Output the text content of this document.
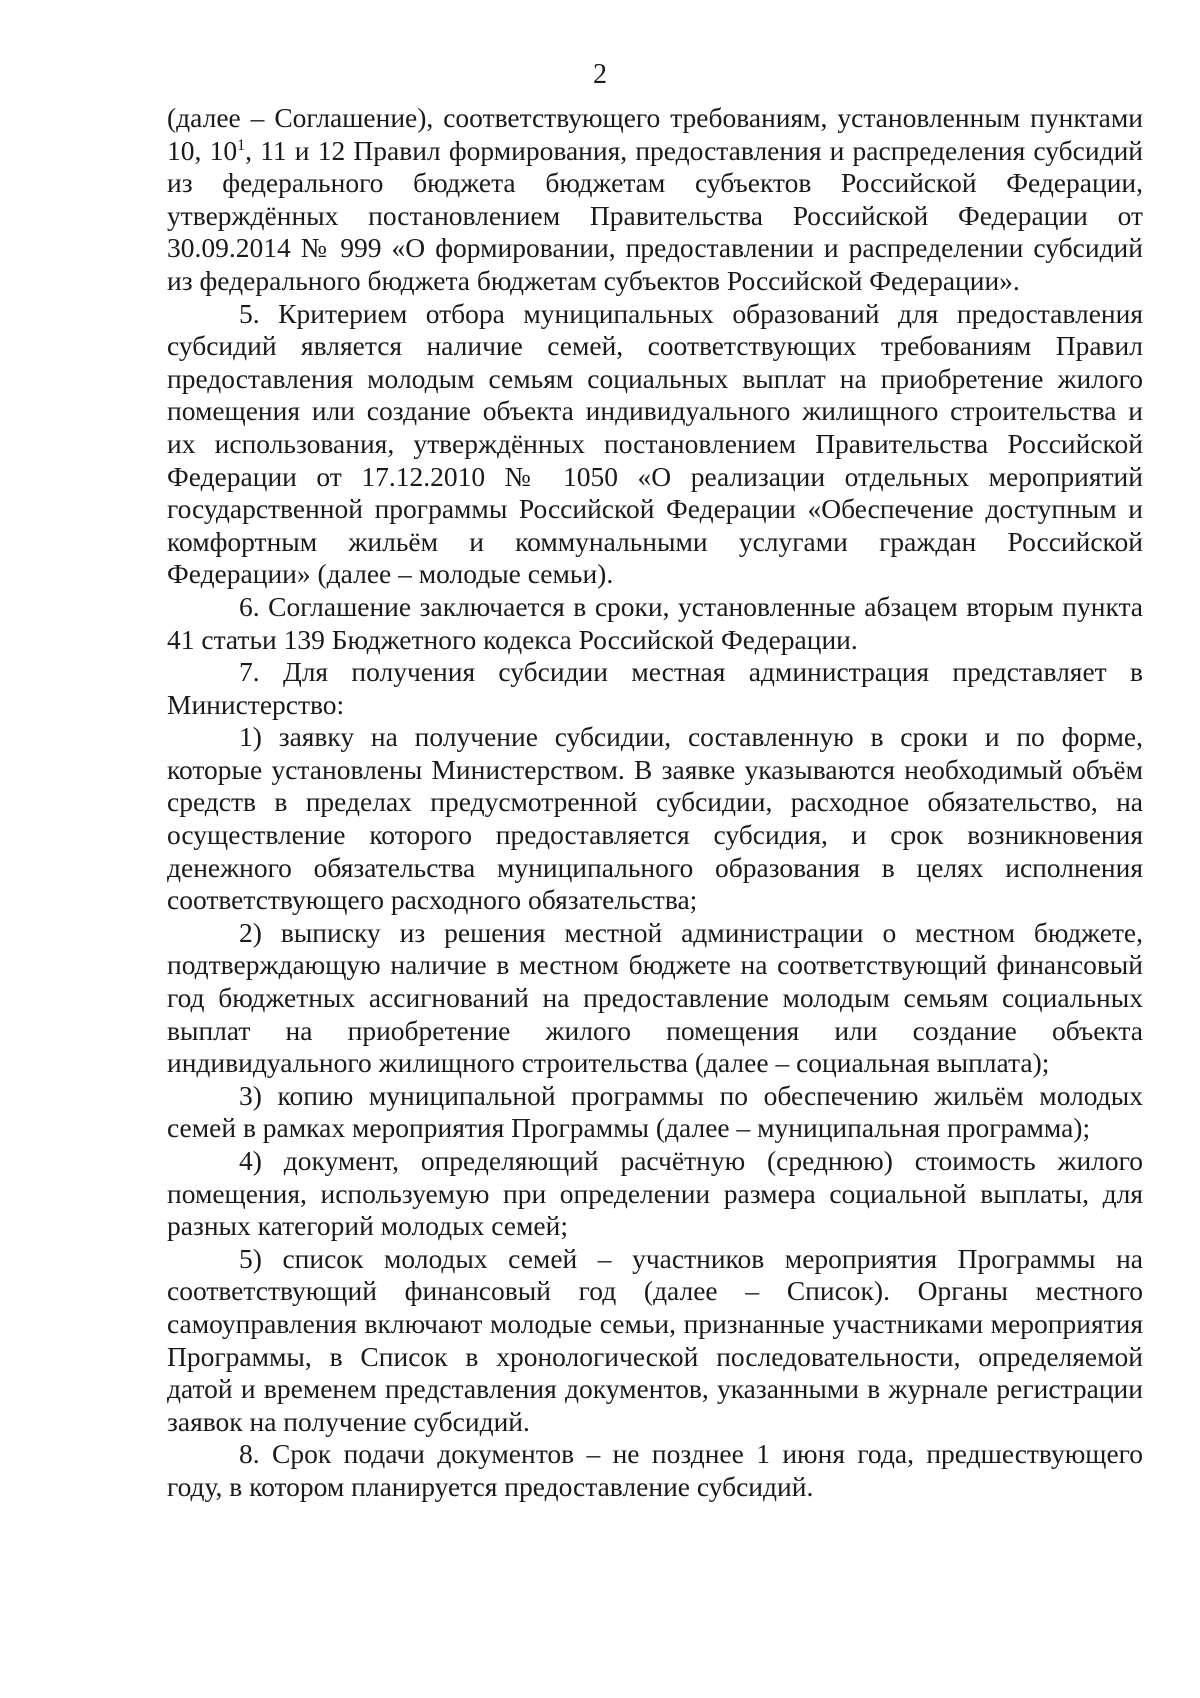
2

(далее – Соглашение), соответствующего требованиям, установленным пунктами 10, $10^1$, 11 и 12 Правил формирования, предоставления и распределения субсидий из федерального бюджета бюджетам субъектов Российской Федерации, утверждённых постановлением Правительства Российской Федерации от 30.09.2014 № 999 «О формировании, предоставлении и распределении субсидий из федерального бюджета бюджетам субъектов Российской Федерации».

5. Критерием отбора муниципальных образований для предоставления субсидий является наличие семей, соответствующих требованиям Правил предоставления молодым семьям социальных выплат на приобретение жилого помещения или создание объекта индивидуального жилищного строительства и их использования, утверждённых постановлением Правительства Российской Федерации от 17.12.2010 № 1050 «О реализации отдельных мероприятий государственной программы Российской Федерации «Обеспечение доступным и комфортным жильём и коммунальными услугами граждан Российской Федерации» (далее – молодые семьи).

6. Соглашение заключается в сроки, установленные абзацем вторым пункта 41 статьи 139 Бюджетного кодекса Российской Федерации.

7. Для получения субсидии местная администрация представляет в Министерство:

1) заявку на получение субсидии, составленную в сроки и по форме, которые установлены Министерством. В заявке указываются необходимый объём средств в пределах предусмотренной субсидии, расходное обязательство, на осуществление которого предоставляется субсидия, и срок возникновения денежного обязательства муниципального образования в целях исполнения соответствующего расходного обязательства;

2) выписку из решения местной администрации о местном бюджете, подтверждающую наличие в местном бюджете на соответствующий финансовый год бюджетных ассигнований на предоставление молодым семьям социальных выплат на приобретение жилого помещения или создание объекта индивидуального жилищного строительства (далее – социальная выплата);

3) копию муниципальной программы по обеспечению жильём молодых семей в рамках мероприятия Программы (далее – муниципальная программа);

4) документ, определяющий расчётную (среднюю) стоимость жилого помещения, используемую при определении размера социальной выплаты, для разных категорий молодых семей;

5) список молодых семей – участников мероприятия Программы на соответствующий финансовый год (далее – Список). Органы местного самоуправления включают молодые семьи, признанные участниками мероприятия Программы, в Список в хронологической последовательности, определяемой датой и временем представления документов, указанными в журнале регистрации заявок на получение субсидий.

8. Срок подачи документов – не позднее 1 июня года, предшествующего году, в котором планируется предоставление субсидий.
